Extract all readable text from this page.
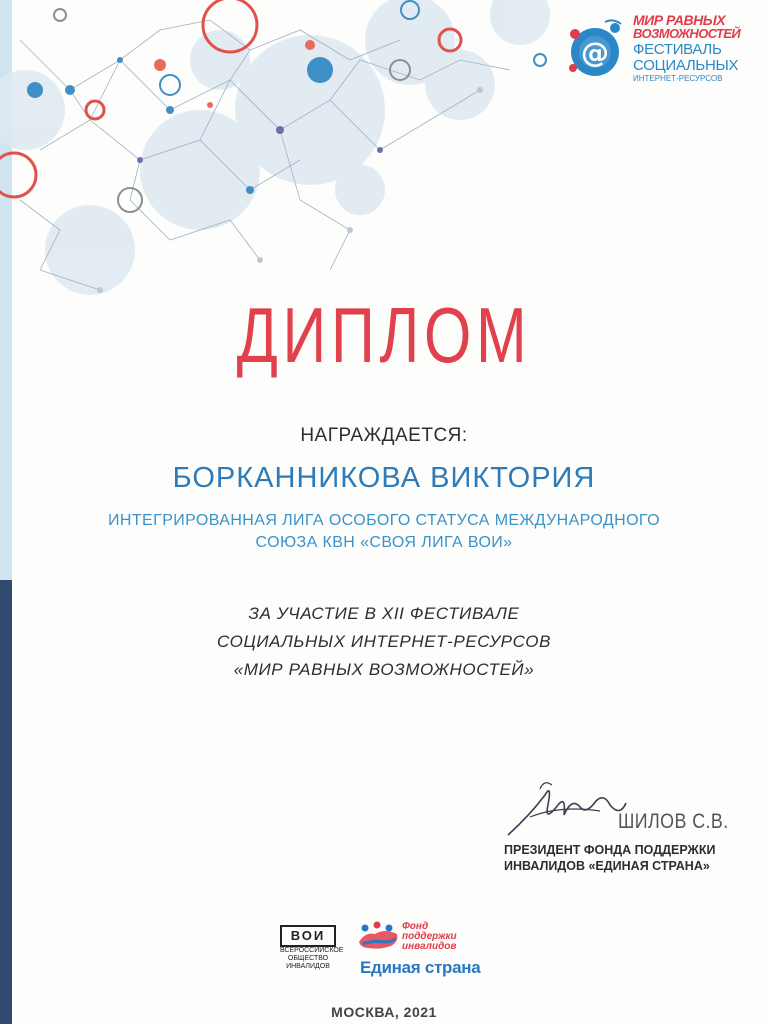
@
МИР РАВНЫХ
ВОЗМОЖНОСТЕЙ
ФЕСТИВАЛЬ
СОЦИАЛЬНЫХ
ИНТЕРНЕТ-РЕСУРСОВ
ДИПЛОМ
НАГРАЖДАЕТСЯ:
БОРКАННИКОВА ВИКТОРИЯ
ИНТЕГРИРОВАННАЯ ЛИГА ОСОБОГО СТАТУСА МЕЖДУНАРОДНОГО
СОЮЗА КВН «СВОЯ ЛИГА ВОИ»
ЗА УЧАСТИЕ В XII ФЕСТИВАЛЕ
СОЦИАЛЬНЫХ ИНТЕРНЕТ-РЕСУРСОВ
«МИР РАВНЫХ ВОЗМОЖНОСТЕЙ»
ШИЛОВ С.В.
ПРЕЗИДЕНТ ФОНДА ПОДДЕРЖКИ
ИНВАЛИДОВ «ЕДИНАЯ СТРАНА»
ВОИ
ВСЕРОССИЙСКОЕ
ОБЩЕСТВО
ИНВАЛИДОВ
Фонд
поддержки
инвалидов
Единая страна
МОСКВА, 2021
